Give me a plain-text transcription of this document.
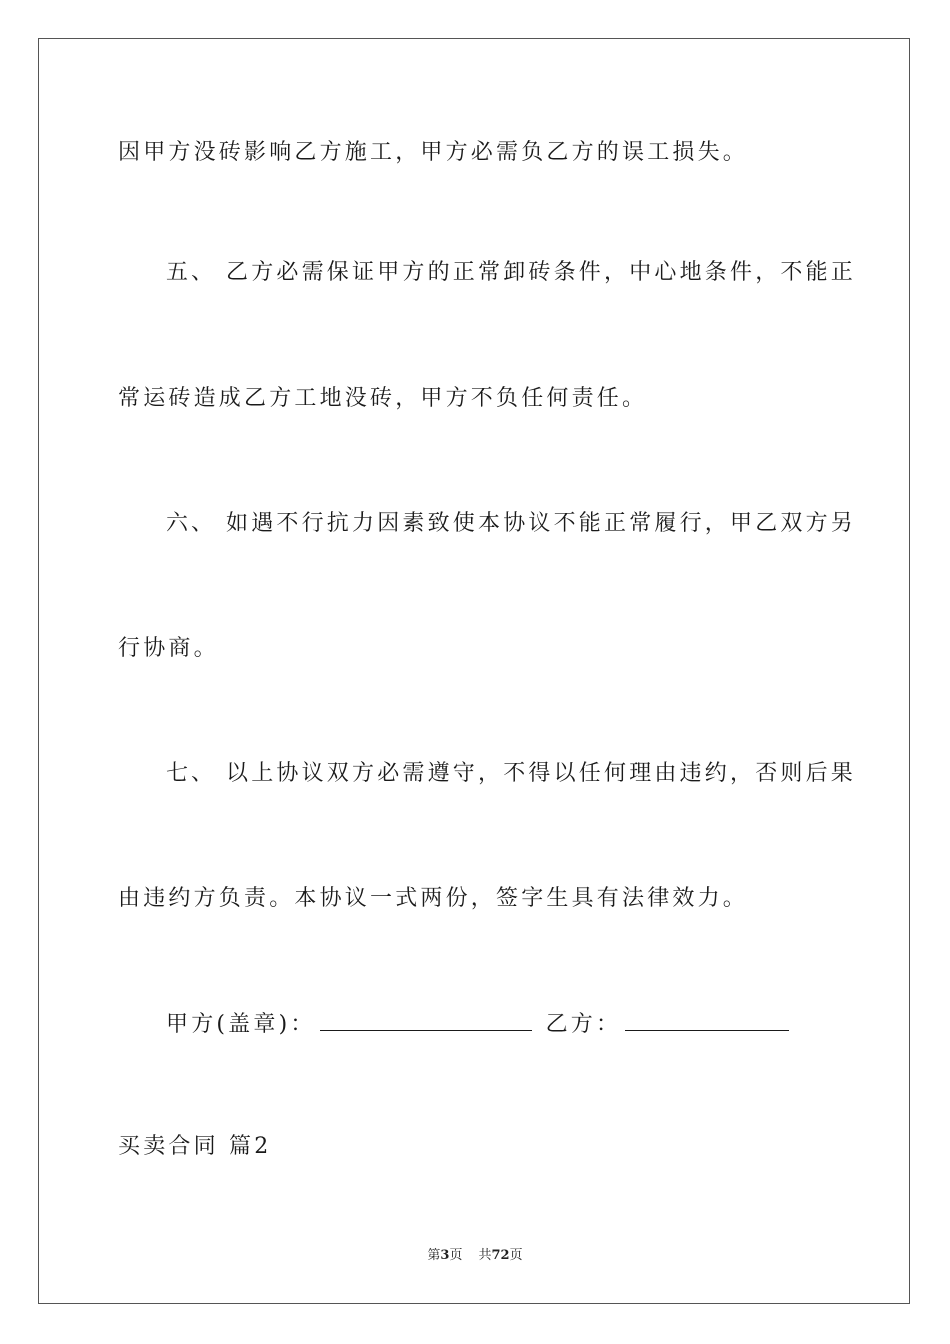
因甲方没砖影响乙方施工，甲方必需负乙方的误工损失。
五、 乙方必需保证甲方的正常卸砖条件，中心地条件，不能正
常运砖造成乙方工地没砖，甲方不负任何责任。
六、 如遇不行抗力因素致使本协议不能正常履行，甲乙双方另
行协商。
七、 以上协议双方必需遵守，不得以任何理由违约，否则后果
由违约方负责。本协议一式两份，签字生具有法律效力。
甲方(盖章)：	乙方：
买卖合同 篇2
第3页 共72页
